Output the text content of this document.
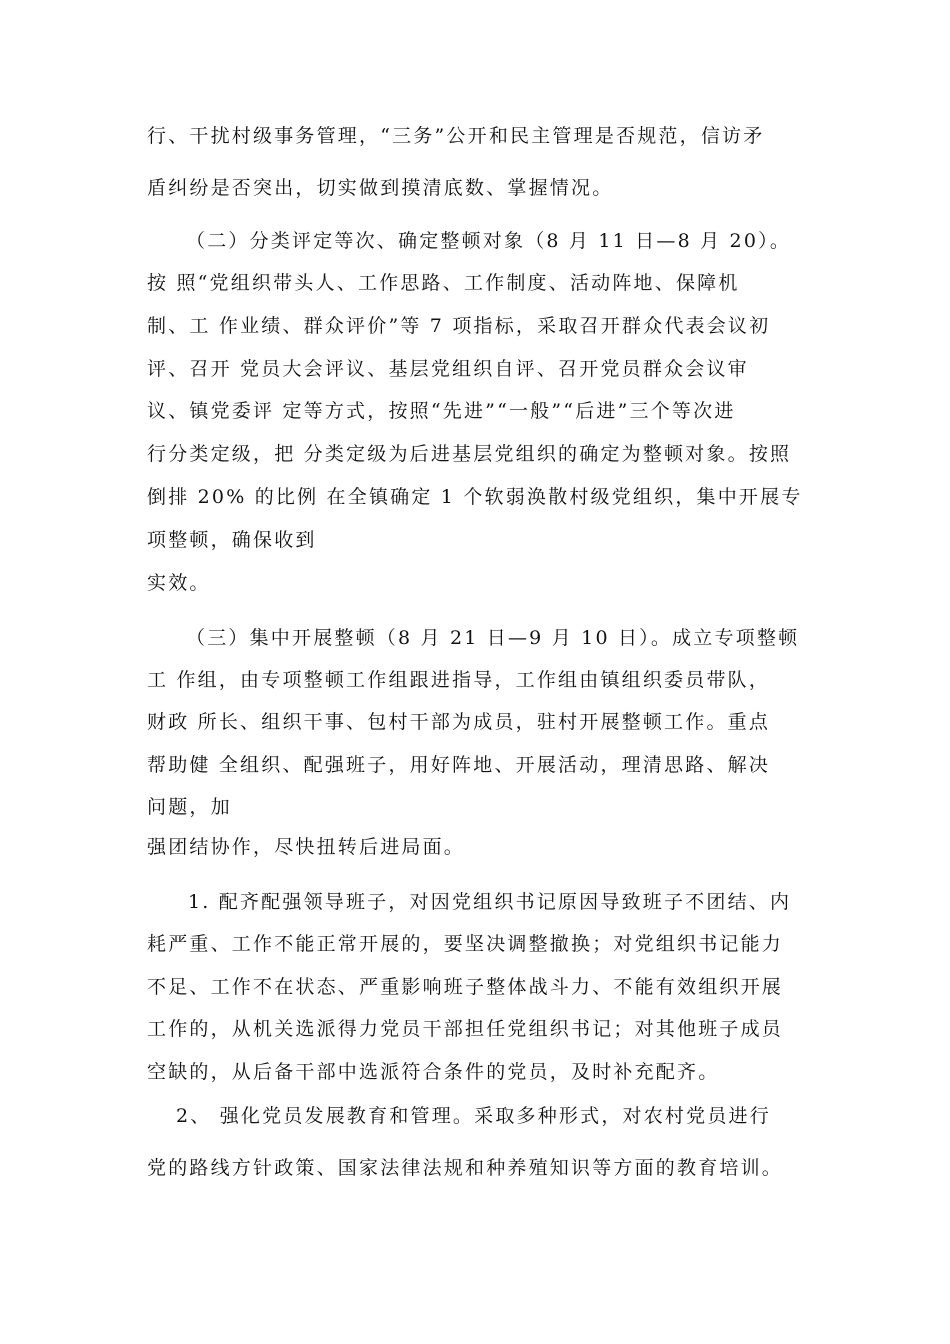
行、干扰村级事务管理，“三务”公开和民主管理是否规范，信访矛
盾纠纷是否突出，切实做到摸清底数、掌握情况。
（二）分类评定等次、确定整顿对象（8 月 11 日—8 月 20）。
按 照“党组织带头人、工作思路、工作制度、活动阵地、保障机
制、工 作业绩、群众评价”等 7 项指标，采取召开群众代表会议初
评、召开 党员大会评议、基层党组织自评、召开党员群众会议审
议、镇党委评 定等方式，按照“先进”“一般”“后进”三个等次进
行分类定级，把 分类定级为后进基层党组织的确定为整顿对象。按照
倒排 20% 的比例 在全镇确定 1 个软弱涣散村级党组织，集中开展专
项整顿，确保收到
实效。
（三）集中开展整顿（8 月 21 日—9 月 10 日）。成立专项整顿
工 作组，由专项整顿工作组跟进指导，工作组由镇组织委员带队，
财政 所长、组织干事、包村干部为成员，驻村开展整顿工作。重点
帮助健 全组织、配强班子，用好阵地、开展活动，理清思路、解决
问题，加
强团结协作，尽快扭转后进局面。
1. 配齐配强领导班子，对因党组织书记原因导致班子不团结、内
耗严重、工作不能正常开展的，要坚决调整撤换；对党组织书记能力
不足、工作不在状态、严重影响班子整体战斗力、不能有效组织开展
工作的，从机关选派得力党员干部担任党组织书记；对其他班子成员
空缺的，从后备干部中选派符合条件的党员，及时补充配齐。
2、 强化党员发展教育和管理。采取多种形式，对农村党员进行
党的路线方针政策、国家法律法规和种养殖知识等方面的教育培训。
